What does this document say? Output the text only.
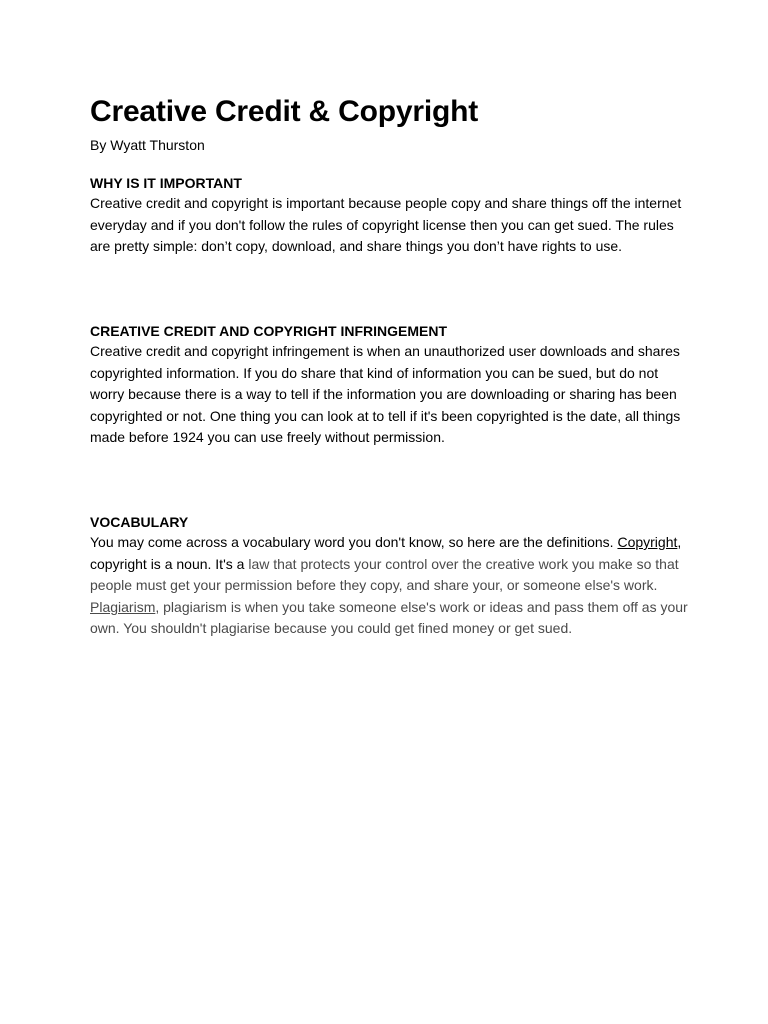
Creative Credit & Copyright

By Wyatt Thurston

WHY IS IT IMPORTANT

Creative credit and copyright is important because people copy and share things off the internet everyday and if you don't follow the rules of copyright license then you can get sued. The rules are pretty simple: don’t copy, download, and share things you don’t have rights to use.

CREATIVE CREDIT AND COPYRIGHT INFRINGEMENT

Creative credit and copyright infringement is when an unauthorized user downloads and shares copyrighted information. If you do share that kind of information you can be sued, but do not worry because there is a way to tell if the information you are downloading or sharing has been copyrighted or not. One thing you can look at to tell if it's been copyrighted is the date, all things made before 1924 you can use freely without permission.

VOCABULARY

You may come across a vocabulary word you don't know, so here are the definitions. Copyright, copyright is a noun. It's a law that protects your control over the creative work you make so that people must get your permission before they copy, and share your, or someone else's work. Plagiarism, plagiarism is when you take someone else's work or ideas and pass them off as your own. You shouldn't plagiarise because you could get fined money or get sued.
